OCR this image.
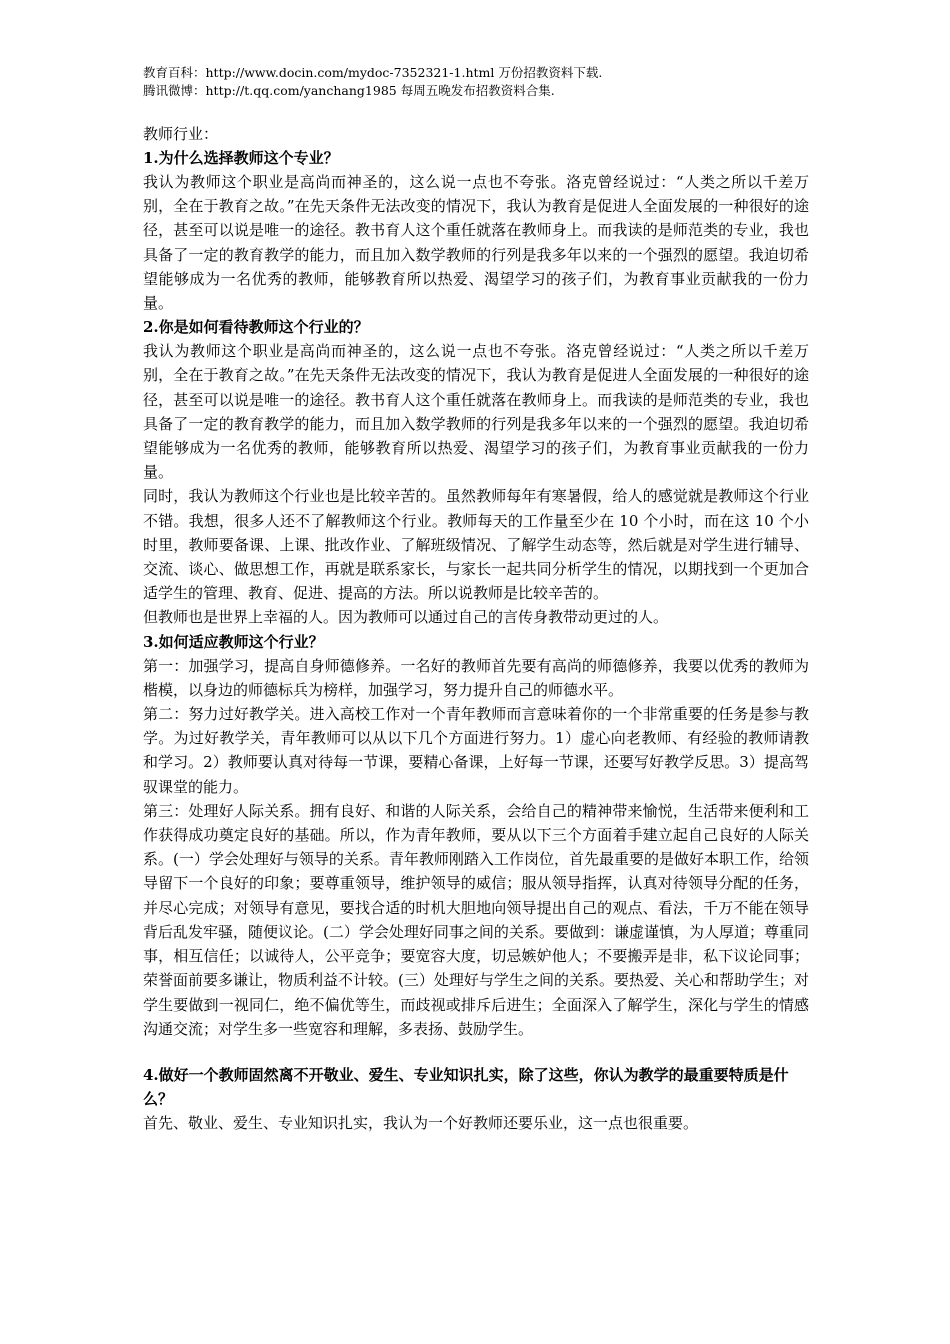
教育百科：http://www.docin.com/mydoc-7352321-1.html 万份招教资料下载.

腾讯微博：http://t.qq.com/yanchang1985 每周五晚发布招教资料合集.

教师行业：

1.为什么选择教师这个专业？

我认为教师这个职业是高尚而神圣的，这么说一点也不夸张。洛克曾经说过：“人类之所以千差万别，全在于教育之故。”在先天条件无法改变的情况下，我认为教育是促进人全面发展的一种很好的途径，甚至可以说是唯一的途径。教书育人这个重任就落在教师身上。而我读的是师范类的专业，我也具备了一定的教育教学的能力，而且加入数学教师的行列是我多年以来的一个强烈的愿望。我迫切希望能够成为一名优秀的教师，能够教育所以热爱、渴望学习的孩子们，为教育事业贡献我的一份力量。

2.你是如何看待教师这个行业的？

我认为教师这个职业是高尚而神圣的，这么说一点也不夸张。洛克曾经说过：“人类之所以千差万别，全在于教育之故。”在先天条件无法改变的情况下，我认为教育是促进人全面发展的一种很好的途径，甚至可以说是唯一的途径。教书育人这个重任就落在教师身上。而我读的是师范类的专业，我也具备了一定的教育教学的能力，而且加入数学教师的行列是我多年以来的一个强烈的愿望。我迫切希望能够成为一名优秀的教师，能够教育所以热爱、渴望学习的孩子们，为教育事业贡献我的一份力量。

同时，我认为教师这个行业也是比较辛苦的。虽然教师每年有寒暑假，给人的感觉就是教师这个行业不错。我想，很多人还不了解教师这个行业。教师每天的工作量至少在 10 个小时，而在这 10 个小时里，教师要备课、上课、批改作业、了解班级情况、了解学生动态等，然后就是对学生进行辅导、交流、谈心、做思想工作，再就是联系家长，与家长一起共同分析学生的情况，以期找到一个更加合适学生的管理、教育、促进、提高的方法。所以说教师是比较辛苦的。

但教师也是世界上幸福的人。因为教师可以通过自己的言传身教带动更过的人。

3.如何适应教师这个行业？

第一：加强学习，提高自身师德修养。一名好的教师首先要有高尚的师德修养，我要以优秀的教师为楷模，以身边的师德标兵为榜样，加强学习，努力提升自己的师德水平。

第二：努力过好教学关。进入高校工作对一个青年教师而言意味着你的一个非常重要的任务是参与教学。为过好教学关，青年教师可以从以下几个方面进行努力。1）虚心向老教师、有经验的教师请教和学习。2）教师要认真对待每一节课，要精心备课，上好每一节课，还要写好教学反思。3）提高驾驭课堂的能力。

第三：处理好人际关系。拥有良好、和谐的人际关系，会给自己的精神带来愉悦，生活带来便利和工作获得成功奠定良好的基础。所以，作为青年教师，要从以下三个方面着手建立起自己良好的人际关系。(一）学会处理好与领导的关系。青年教师刚踏入工作岗位，首先最重要的是做好本职工作，给领导留下一个良好的印象；要尊重领导，维护领导的威信；服从领导指挥，认真对待领导分配的任务，并尽心完成；对领导有意见，要找合适的时机大胆地向领导提出自己的观点、看法，千万不能在领导背后乱发牢骚，随便议论。(二）学会处理好同事之间的关系。要做到：谦虚谨慎，为人厚道；尊重同事，相互信任；以诚待人，公平竞争；要宽容大度，切忌嫉妒他人；不要搬弄是非，私下议论同事；荣誉面前要多谦让，物质利益不计较。(三）处理好与学生之间的关系。要热爱、关心和帮助学生；对学生要做到一视同仁，绝不偏优等生，而歧视或排斥后进生；全面深入了解学生，深化与学生的情感沟通交流；对学生多一些宽容和理解，多表扬、鼓励学生。

4.做好一个教师固然离不开敬业、爱生、专业知识扎实，除了这些，你认为教学的最重要特质是什么？

首先、敬业、爱生、专业知识扎实，我认为一个好教师还要乐业，这一点也很重要。
